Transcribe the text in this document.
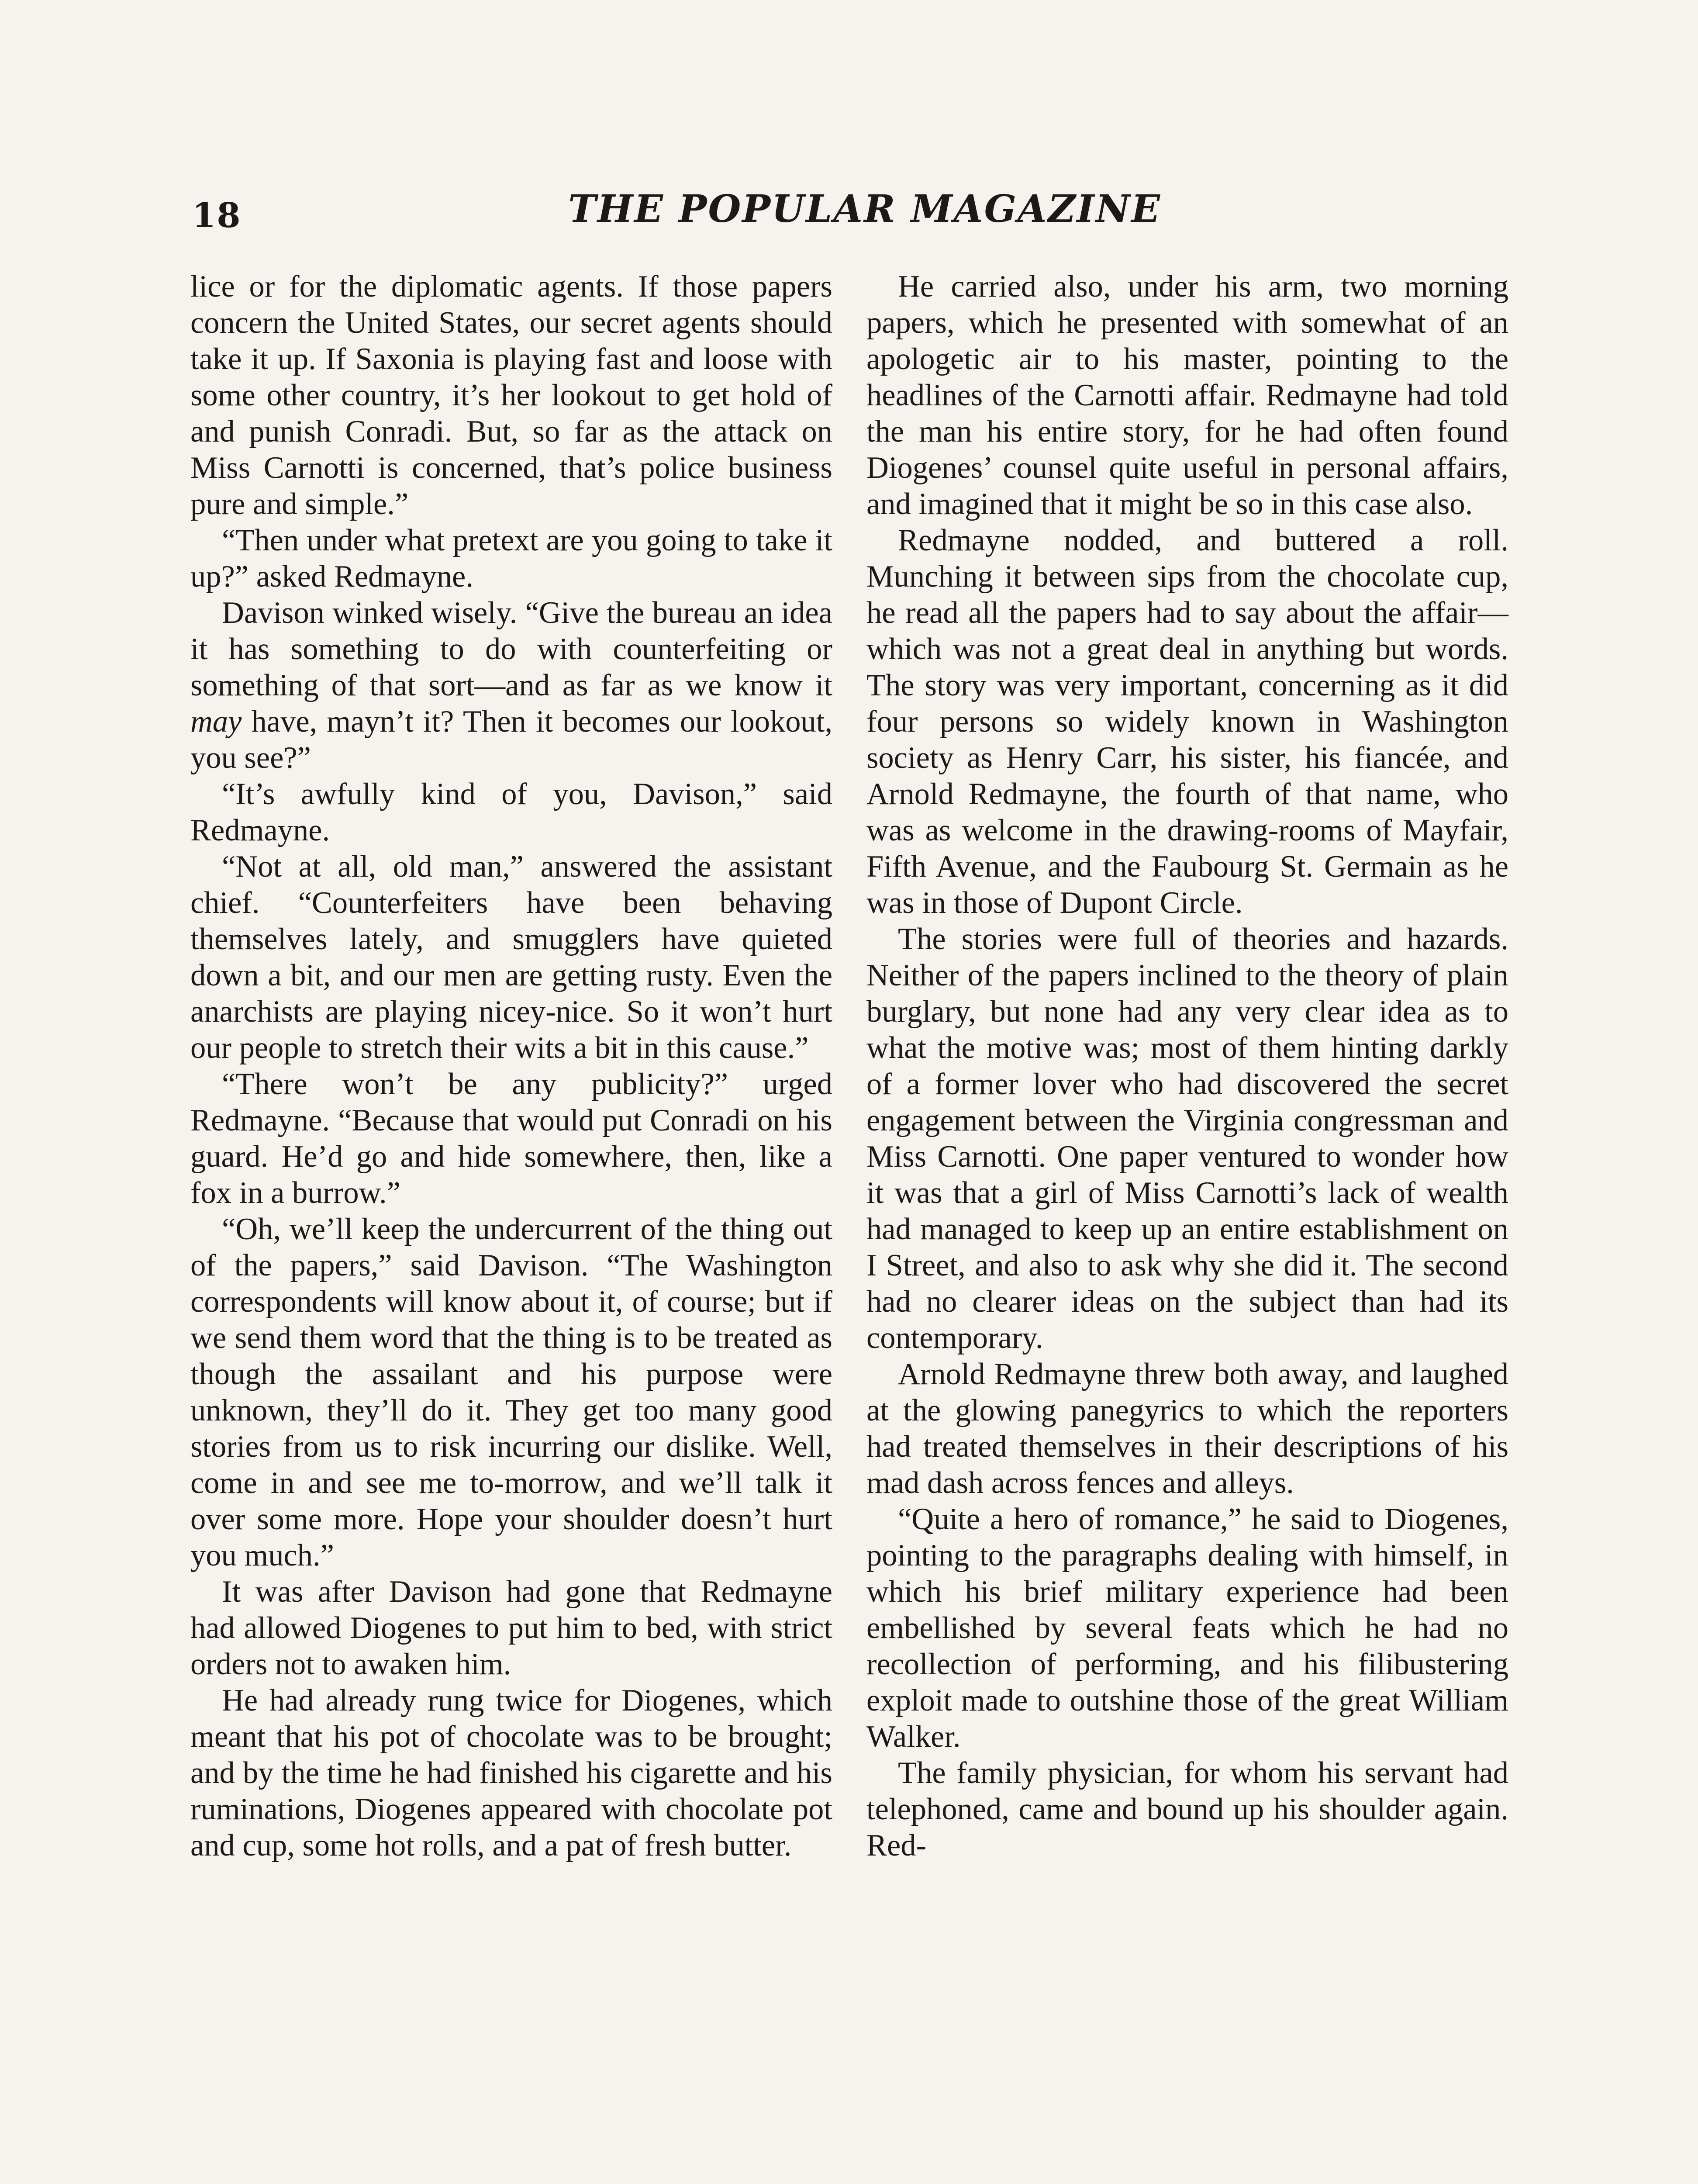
18	THE POPULAR MAGAZINE

lice or for the diplomatic agents. If those papers concern the United States, our secret agents should take it up. If Saxonia is playing fast and loose with some other country, it’s her lookout to get hold of and punish Conradi. But, so far as the attack on Miss Carnotti is concerned, that’s police business pure and simple.”

“Then under what pretext are you going to take it up?” asked Redmayne.

Davison winked wisely. “Give the bureau an idea it has something to do with counterfeiting or something of that sort—and as far as we know it may have, mayn’t it? Then it becomes our lookout, you see?”

“It’s awfully kind of you, Davison,” said Redmayne.

“Not at all, old man,” answered the assistant chief. “Counterfeiters have been behaving themselves lately, and smugglers have quieted down a bit, and our men are getting rusty. Even the anarchists are playing nicey-nice. So it won’t hurt our people to stretch their wits a bit in this cause.”

“There won’t be any publicity?” urged Redmayne. “Because that would put Conradi on his guard. He’d go and hide somewhere, then, like a fox in a burrow.”

“Oh, we’ll keep the undercurrent of the thing out of the papers,” said Davison. “The Washington correspondents will know about it, of course; but if we send them word that the thing is to be treated as though the assailant and his purpose were unknown, they’ll do it. They get too many good stories from us to risk incurring our dislike. Well, come in and see me to-morrow, and we’ll talk it over some more. Hope your shoulder doesn’t hurt you much.”

It was after Davison had gone that Redmayne had allowed Diogenes to put him to bed, with strict orders not to awaken him.

He had already rung twice for Diogenes, which meant that his pot of chocolate was to be brought; and by the time he had finished his cigarette and his ruminations, Diogenes appeared with chocolate pot and cup, some hot rolls, and a pat of fresh butter.

He carried also, under his arm, two morning papers, which he presented with somewhat of an apologetic air to his master, pointing to the headlines of the Carnotti affair. Redmayne had told the man his entire story, for he had often found Diogenes’ counsel quite useful in personal affairs, and imagined that it might be so in this case also.

Redmayne nodded, and buttered a roll. Munching it between sips from the chocolate cup, he read all the papers had to say about the affair—which was not a great deal in anything but words. The story was very important, concerning as it did four persons so widely known in Washington society as Henry Carr, his sister, his fiancée, and Arnold Redmayne, the fourth of that name, who was as welcome in the drawing-rooms of Mayfair, Fifth Avenue, and the Faubourg St. Germain as he was in those of Dupont Circle.

The stories were full of theories and hazards. Neither of the papers inclined to the theory of plain burglary, but none had any very clear idea as to what the motive was; most of them hinting darkly of a former lover who had discovered the secret engagement between the Virginia congressman and Miss Carnotti. One paper ventured to wonder how it was that a girl of Miss Carnotti’s lack of wealth had managed to keep up an entire establishment on I Street, and also to ask why she did it. The second had no clearer ideas on the subject than had its contemporary.

Arnold Redmayne threw both away, and laughed at the glowing panegyrics to which the reporters had treated themselves in their descriptions of his mad dash across fences and alleys.

“Quite a hero of romance,” he said to Diogenes, pointing to the paragraphs dealing with himself, in which his brief military experience had been embellished by several feats which he had no recollection of performing, and his filibustering exploit made to outshine those of the great William Walker.

The family physician, for whom his servant had telephoned, came and bound up his shoulder again. Red-
